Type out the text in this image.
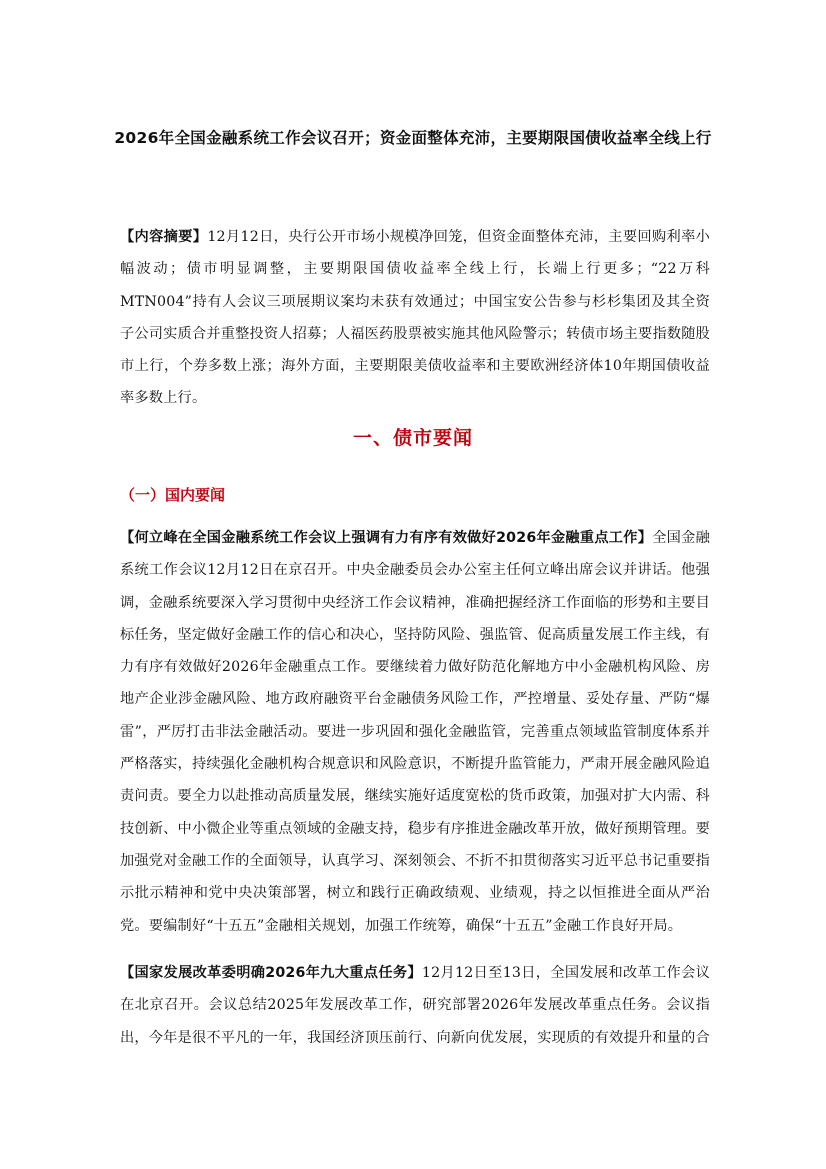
2026年全国金融系统工作会议召开；资金面整体充沛，主要期限国债收益率全线上行
【内容摘要】12月12日，央行公开市场小规模净回笼，但资金面整体充沛，主要回购利率小幅波动；债市明显调整，主要期限国债收益率全线上行，长端上行更多；“22万科MTN004”持有人会议三项展期议案均未获有效通过；中国宝安公告参与杉杉集团及其全资子公司实质合并重整投资人招募；人福医药股票被实施其他风险警示；转债市场主要指数随股市上行，个券多数上涨；海外方面，主要期限美债收益率和主要欧洲经济体10年期国债收益率多数上行。
一、债市要闻
（一）国内要闻
【何立峰在全国金融系统工作会议上强调有力有序有效做好2026年金融重点工作】全国金融系统工作会议12月12日在京召开。中央金融委员会办公室主任何立峰出席会议并讲话。他强调，金融系统要深入学习贯彻中央经济工作会议精神，准确把握经济工作面临的形势和主要目标任务，坚定做好金融工作的信心和决心，坚持防风险、强监管、促高质量发展工作主线，有力有序有效做好2026年金融重点工作。要继续着力做好防范化解地方中小金融机构风险、房地产企业涉金融风险、地方政府融资平台金融债务风险工作，严控增量、妥处存量、严防“爆雷”，严厉打击非法金融活动。要进一步巩固和强化金融监管，完善重点领域监管制度体系并严格落实，持续强化金融机构合规意识和风险意识，不断提升监管能力，严肃开展金融风险追责问责。要全力以赴推动高质量发展，继续实施好适度宽松的货币政策，加强对扩大内需、科技创新、中小微企业等重点领域的金融支持，稳步有序推进金融改革开放，做好预期管理。要加强党对金融工作的全面领导，认真学习、深刻领会、不折不扣贯彻落实习近平总书记重要指示批示精神和党中央决策部署，树立和践行正确政绩观、业绩观，持之以恒推进全面从严治党。要编制好“十五五”金融相关规划，加强工作统筹，确保“十五五”金融工作良好开局。
【国家发展改革委明确2026年九大重点任务】12月12日至13日，全国发展和改革工作会议在北京召开。会议总结2025年发展改革工作，研究部署2026年发展改革重点任务。会议指出，今年是很不平凡的一年，我国经济顶压前行、向新向优发展，实现质的有效提升和量的合
